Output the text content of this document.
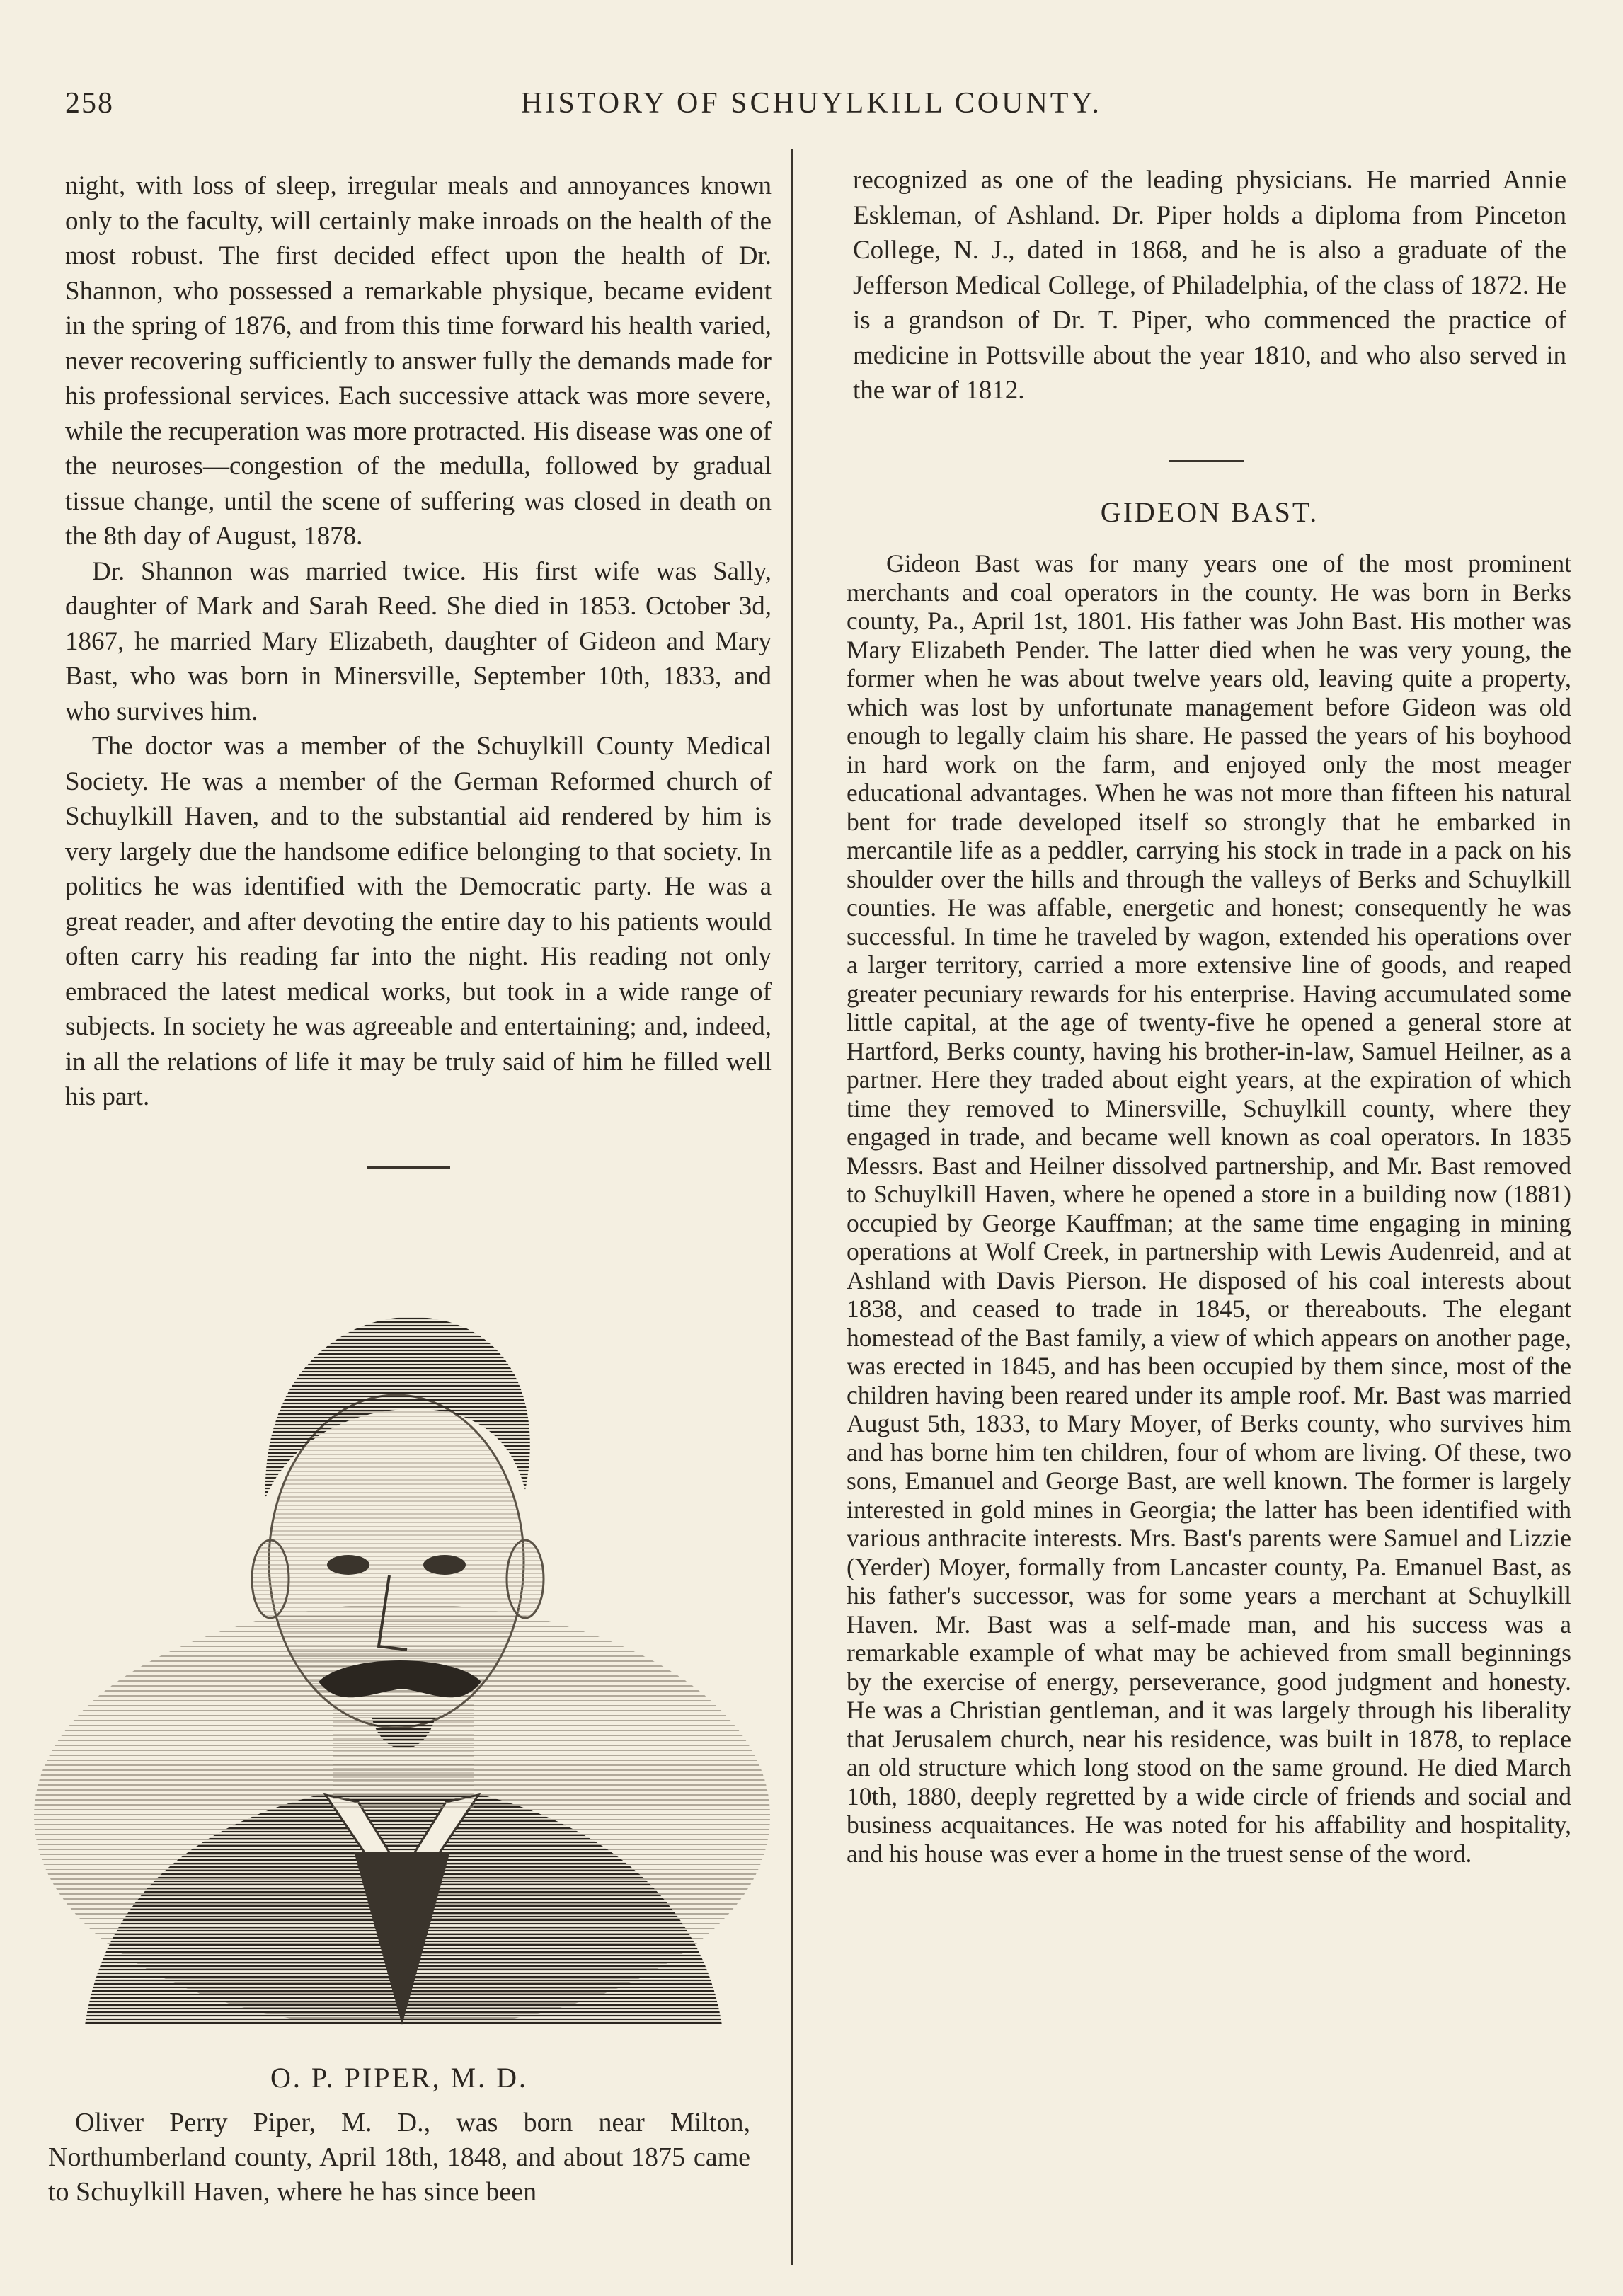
258	HISTORY OF SCHUYLKILL COUNTY.

night, with loss of sleep, irregular meals and annoyances known only to the faculty, will certainly make inroads on the health of the most robust. The first decided effect upon the health of Dr. Shannon, who possessed a remarkable physique, became evident in the spring of 1876, and from this time forward his health varied, never recovering sufficiently to answer fully the demands made for his professional services. Each successive attack was more severe, while the recuperation was more protracted. His disease was one of the neuroses—congestion of the medulla, followed by gradual tissue change, until the scene of suffering was closed in death on the 8th day of August, 1878.

Dr. Shannon was married twice. His first wife was Sally, daughter of Mark and Sarah Reed. She died in 1853. October 3d, 1867, he married Mary Elizabeth, daughter of Gideon and Mary Bast, who was born in Minersville, September 10th, 1833, and who survives him.

The doctor was a member of the Schuylkill County Medical Society. He was a member of the German Reformed church of Schuylkill Haven, and to the substantial aid rendered by him is very largely due the handsome edifice belonging to that society. In politics he was identified with the Democratic party. He was a great reader, and after devoting the entire day to his patients would often carry his reading far into the night. His reading not only embraced the latest medical works, but took in a wide range of subjects. In society he was agreeable and entertaining; and, indeed, in all the relations of life it may be truly said of him he filled well his part.

O. P. PIPER, M. D.

Oliver Perry Piper, M. D., was born near Milton, Northumberland county, April 18th, 1848, and about 1875 came to Schuylkill Haven, where he has since been

recognized as one of the leading physicians. He married Annie Eskleman, of Ashland. Dr. Piper holds a diploma from Pinceton College, N. J., dated in 1868, and he is also a graduate of the Jefferson Medical College, of Philadelphia, of the class of 1872. He is a grandson of Dr. T. Piper, who commenced the practice of medicine in Pottsville about the year 1810, and who also served in the war of 1812.

GIDEON BAST.

Gideon Bast was for many years one of the most prominent merchants and coal operators in the county. He was born in Berks county, Pa., April 1st, 1801. His father was John Bast. His mother was Mary Elizabeth Pender. The latter died when he was very young, the former when he was about twelve years old, leaving quite a property, which was lost by unfortunate management before Gideon was old enough to legally claim his share. He passed the years of his boyhood in hard work on the farm, and enjoyed only the most meager educational advantages. When he was not more than fifteen his natural bent for trade developed itself so strongly that he embarked in mercantile life as a peddler, carrying his stock in trade in a pack on his shoulder over the hills and through the valleys of Berks and Schuylkill counties. He was affable, energetic and honest; consequently he was successful. In time he traveled by wagon, extended his operations over a larger territory, carried a more extensive line of goods, and reaped greater pecuniary rewards for his enterprise. Having accumulated some little capital, at the age of twenty-five he opened a general store at Hartford, Berks county, having his brother-in-law, Samuel Heilner, as a partner. Here they traded about eight years, at the expiration of which time they removed to Minersville, Schuylkill county, where they engaged in trade, and became well known as coal operators. In 1835 Messrs. Bast and Heilner dissolved partnership, and Mr. Bast removed to Schuylkill Haven, where he opened a store in a building now (1881) occupied by George Kauffman; at the same time engaging in mining operations at Wolf Creek, in partnership with Lewis Audenreid, and at Ashland with Davis Pierson. He disposed of his coal interests about 1838, and ceased to trade in 1845, or thereabouts. The elegant homestead of the Bast family, a view of which appears on another page, was erected in 1845, and has been occupied by them since, most of the children having been reared under its ample roof. Mr. Bast was married August 5th, 1833, to Mary Moyer, of Berks county, who survives him and has borne him ten children, four of whom are living. Of these, two sons, Emanuel and George Bast, are well known. The former is largely interested in gold mines in Georgia; the latter has been identified with various anthracite interests. Mrs. Bast's parents were Samuel and Lizzie (Yerder) Moyer, formally from Lancaster county, Pa. Emanuel Bast, as his father's successor, was for some years a merchant at Schuylkill Haven. Mr. Bast was a self-made man, and his success was a remarkable example of what may be achieved from small beginnings by the exercise of energy, perseverance, good judgment and honesty. He was a Christian gentleman, and it was largely through his liberality that Jerusalem church, near his residence, was built in 1878, to replace an old structure which long stood on the same ground. He died March 10th, 1880, deeply regretted by a wide circle of friends and social and business acquaitances. He was noted for his affability and hospitality, and his house was ever a home in the truest sense of the word.
